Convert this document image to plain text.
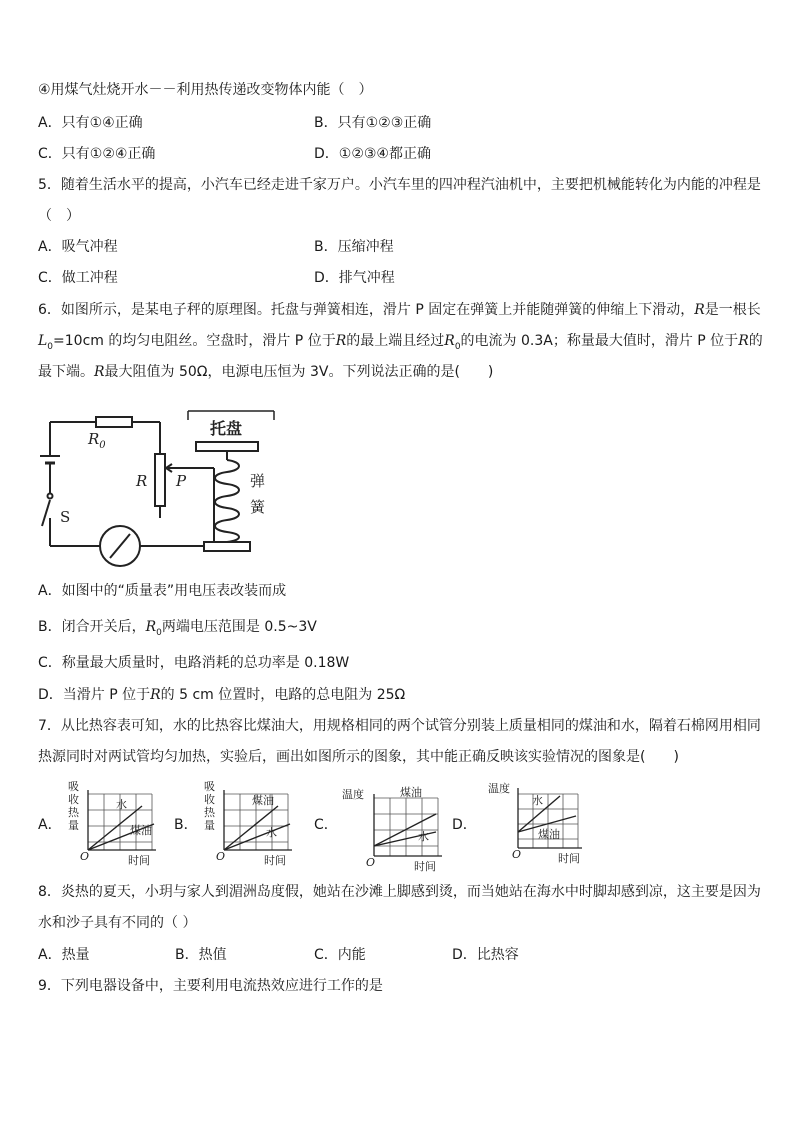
④用煤气灶烧开水－－利用热传递改变物体内能（　）
A．只有①④正确	B．只有①②③正确
C．只有①②④正确	D．①②③④都正确
5．随着生活水平的提高，小汽车已经走进千家万户。小汽车里的四冲程汽油机中，主要把机械能转化为内能的冲程是
（　）
A．吸气冲程	B．压缩冲程
C．做工冲程	D．排气冲程
6．如图所示，是某电子秤的原理图。托盘与弹簧相连，滑片 P 固定在弹簧上并能随弹簧的伸缩上下滑动，R是一根长
$L_0=10cm$ 的均匀电阻丝。空盘时，滑片 P 位于R的最上端且经过$R_0$的电流为 0.3A；称量最大值时，滑片 P 位于R的
最下端。R最大阻值为 50Ω，电源电压恒为 3V。下列说法正确的是(　　)
托盘
$R_0$
R P	弹
簧
S
A．如图中的“质量表”用电压表改装而成
B．闭合开关后，$R_0$两端电压范围是 0.5~3V
C．称量最大质量时，电路消耗的总功率是 0.18W
D．当滑片 P 位于R的 5 cm 位置时，电路的总电阻为 25Ω
7．从比热容表可知，水的比热容比煤油大，用规格相同的两个试管分别装上质量相同的煤油和水，隔着石棉网用相同
热源同时对两试管均匀加热，实验后，画出如图所示的图象，其中能正确反映该实验情况的图象是(　　)
A．
吸
收
热
量
水
煤油
O	时间
B．
吸
收
热
量
煤油
水
O	时间
C．
温度	煤油
水
O	时间
D．
温度
水
煤油
O	时间
8．炎热的夏天，小玥与家人到湄洲岛度假，她站在沙滩上脚感到烫，而当她站在海水中时脚却感到凉，这主要是因为
水和沙子具有不同的（ ）
A．热量	B．热值	C．内能	D．比热容
9．下列电器设备中，主要利用电流热效应进行工作的是
